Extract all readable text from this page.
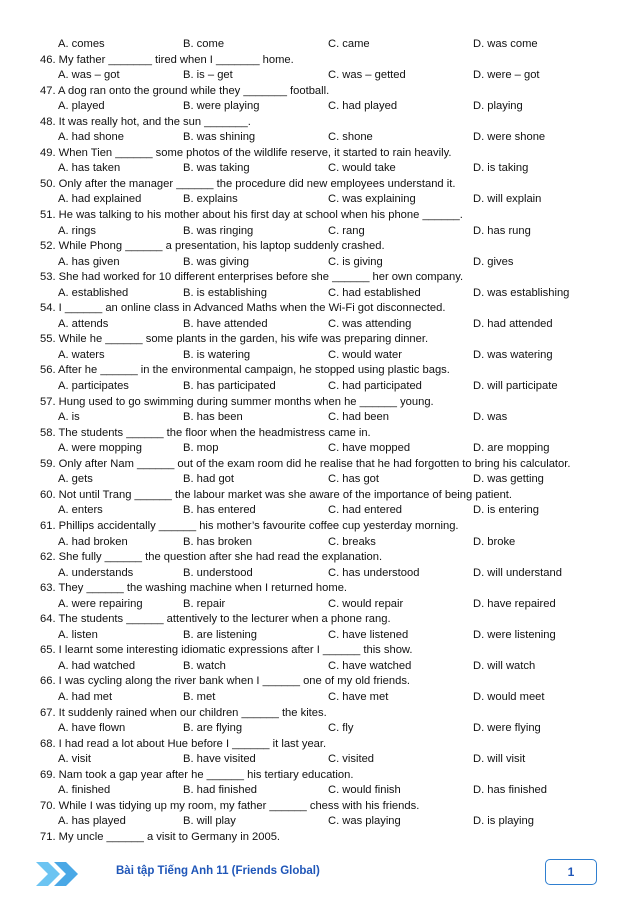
A. comes	B. come	C. came	D. was come
46. My father _______ tired when I _______ home.
A. was – got	B. is – get	C. was – getted	D. were – got
47. A dog ran onto the ground while they _______ football.
A. played	B. were playing	C. had played	D. playing
48. It was really hot, and the sun _______.
A. had shone	B. was shining	C. shone	D. were shone
49. When Tien ______ some photos of the wildlife reserve, it started to rain heavily.
A. has taken	B. was taking	C. would take	D. is taking
50. Only after the manager ______ the procedure did new employees understand it.
A. had explained	B. explains	C. was explaining	D. will explain
51. He was talking to his mother about his first day at school when his phone ______.
A. rings	B. was ringing	C. rang	D. has rung
52. While Phong ______ a presentation, his laptop suddenly crashed.
A. has given	B. was giving	C. is giving	D. gives
53. She had worked for 10 different enterprises before she ______ her own company.
A. established	B. is establishing	C. had established	D. was establishing
54. I ______ an online class in Advanced Maths when the Wi-Fi got disconnected.
A. attends	B. have attended	C. was attending	D. had attended
55. While he ______ some plants in the garden, his wife was preparing dinner.
A. waters	B. is watering	C. would water	D. was watering
56. After he ______ in the environmental campaign, he stopped using plastic bags.
A. participates	B. has participated	C. had participated	D. will participate
57. Hung used to go swimming during summer months when he ______ young.
A. is	B. has been	C. had been	D. was
58. The students ______ the floor when the headmistress came in.
A. were mopping	B. mop	C. have mopped	D. are mopping
59. Only after Nam ______ out of the exam room did he realise that he had forgotten to bring his calculator.
A. gets	B. had got	C. has got	D. was getting
60. Not until Trang ______ the labour market was she aware of the importance of being patient.
A. enters	B. has entered	C. had entered	D. is entering
61. Phillips accidentally ______ his mother’s favourite coffee cup yesterday morning.
A. had broken	B. has broken	C. breaks	D. broke
62. She fully ______ the question after she had read the explanation.
A. understands	B. understood	C. has understood	D. will understand
63. They ______ the washing machine when I returned home.
A. were repairing	B. repair	C. would repair	D. have repaired
64. The students ______ attentively to the lecturer when a phone rang.
A. listen	B. are listening	C. have listened	D. were listening
65. I learnt some interesting idiomatic expressions after I ______ this show.
A. had watched	B. watch	C. have watched	D. will watch
66. I was cycling along the river bank when I ______ one of my old friends.
A. had met	B. met	C. have met	D. would meet
67. It suddenly rained when our children ______ the kites.
A. have flown	B. are flying	C. fly	D. were flying
68. I had read a lot about Hue before I ______ it last year.
A. visit	B. have visited	C. visited	D. will visit
69. Nam took a gap year after he ______ his tertiary education.
A. finished	B. had finished	C. would finish	D. has finished
70. While I was tidying up my room, my father ______ chess with his friends.
A. has played	B. will play	C. was playing	D. is playing
71. My uncle ______ a visit to Germany in 2005.
Bài tập Tiếng Anh 11 (Friends Global)	1
